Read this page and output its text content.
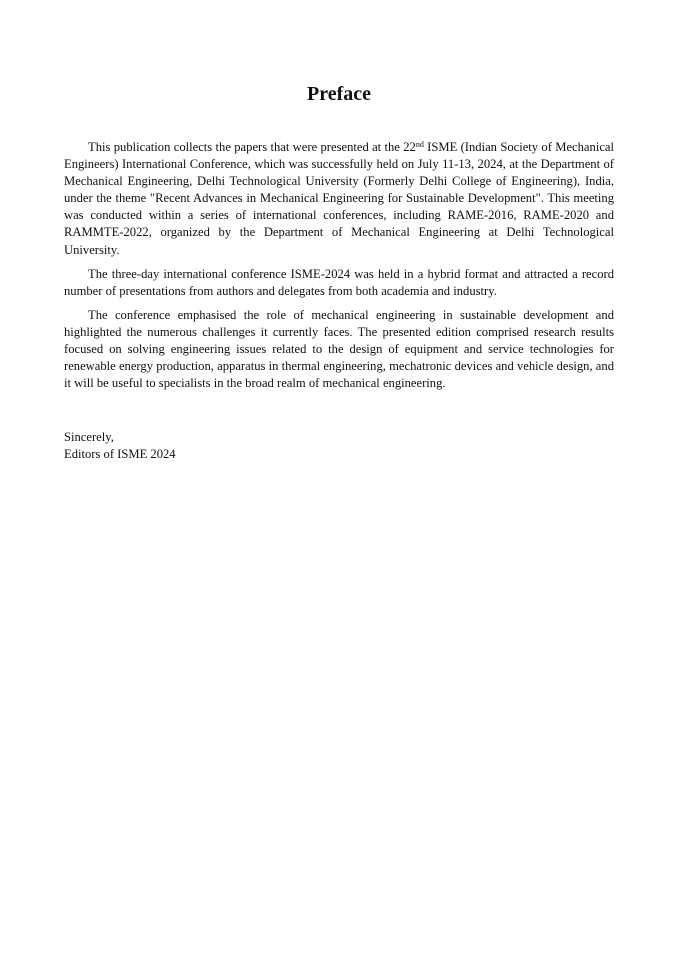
Preface

This publication collects the papers that were presented at the 22nd ISME (Indian Society of Mechanical Engineers) International Conference, which was successfully held on July 11-13, 2024, at the Department of Mechanical Engineering, Delhi Technological University (Formerly Delhi College of Engineering), India, under the theme "Recent Advances in Mechanical Engineering for Sustainable Development". This meeting was conducted within a series of international conferences, including RAME-2016, RAME-2020 and RAMMTE-2022, organized by the Department of Mechanical Engineering at Delhi Technological University.

The three-day international conference ISME-2024 was held in a hybrid format and attracted a record number of presentations from authors and delegates from both academia and industry.

The conference emphasised the role of mechanical engineering in sustainable development and highlighted the numerous challenges it currently faces. The presented edition comprised research results focused on solving engineering issues related to the design of equipment and service technologies for renewable energy production, apparatus in thermal engineering, mechatronic devices and vehicle design, and it will be useful to specialists in the broad realm of mechanical engineering.

Sincerely,
Editors of ISME 2024
